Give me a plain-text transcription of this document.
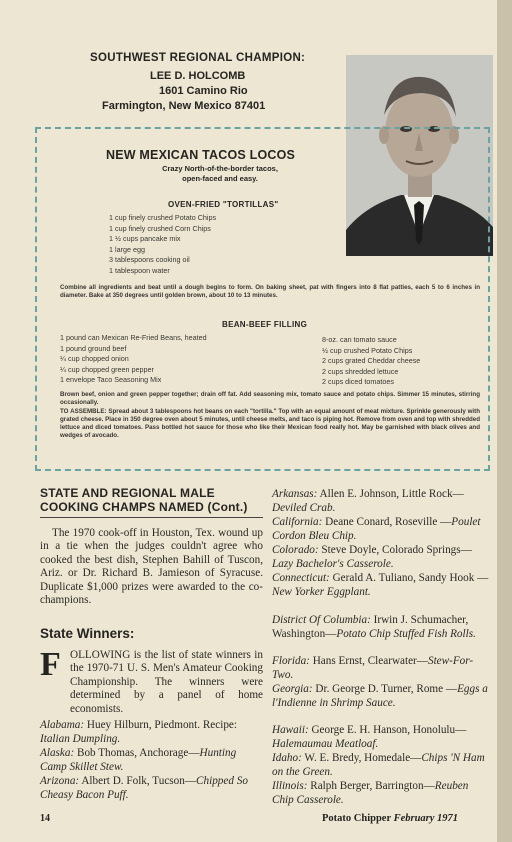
SOUTHWEST REGIONAL CHAMPION:
LEE D. HOLCOMB
1601 Camino Rio
Farmington, New Mexico 87401
NEW MEXICAN TACOS LOCOS
Crazy North-of-the-border tacos,
open-faced and easy.
OVEN-FRIED "TORTILLAS"
1 cup finely crushed Potato Chips
1 cup finely crushed Corn Chips
1 ½ cups pancake mix
1 large egg
3 tablespoons cooking oil
1 tablespoon water
Combine all ingredients and beat until a dough begins to form. On baking sheet, pat with fingers into 8 flat patties, each 5 to 6 inches in diameter. Bake at 350 degrees until golden brown, about 10 to 13 minutes.
BEAN-BEEF FILLING
1 pound can Mexican Re-Fried Beans, heated
1 pound ground beef
¼ cup chopped onion
¼ cup chopped green pepper
1 envelope Taco Seasoning Mix
8-oz. can tomato sauce
½ cup crushed Potato Chips
2 cups grated Cheddar cheese
2 cups shredded lettuce
2 cups diced tomatoes
Brown beef, onion and green pepper together; drain off fat. Add seasoning mix, tomato sauce and potato chips. Simmer 15 minutes, stirring occasionally.
TO ASSEMBLE: Spread about 3 tablespoons hot beans on each "tortilla." Top with an equal amount of meat mixture. Sprinkle generously with grated cheese. Place in 350 degree oven about 5 minutes, until cheese melts, and taco is piping hot. Remove from oven and top with shredded lettuce and diced tomatoes. Pass bottled hot sauce for those who like their Mexican food really hot. May be garnished with black olives and wedges of avocado.
STATE AND REGIONAL MALE
COOKING CHAMPS NAMED (Cont.)
The 1970 cook-off in Houston, Tex. wound up in a tie when the judges couldn't agree who cooked the best dish, Stephen Bahill of Tuscon, Ariz. or Dr. Richard B. Jamieson of Syracuse. Duplicate $1,000 prizes were awarded to the co-champions.
State Winners:
F OLLOWING is the list of state winners in the 1970-71 U. S. Men's Amateur Cooking Championship. The winners were determined by a panel of home economists.
Alabama: Huey Hilburn, Piedmont. Recipe: Italian Dumpling.
Alaska: Bob Thomas, Anchorage—Hunting Camp Skillet Stew.
Arizona: Albert D. Folk, Tucson—Chipped So Cheasy Bacon Puff.
Arkansas: Allen E. Johnson, Little Rock—Deviled Crab.
California: Deane Conard, Roseville —Poulet Cordon Bleu Chip.
Colorado: Steve Doyle, Colorado Springs—Lazy Bachelor's Casserole.
Connecticut: Gerald A. Tuliano, Sandy Hook — New Yorker Eggplant.
District Of Columbia: Irwin J. Schumacher, Washington—Potato Chip Stuffed Fish Rolls.
Florida: Hans Ernst, Clearwater—Stew-For-Two.
Georgia: Dr. George D. Turner, Rome —Eggs a l'Indienne in Shrimp Sauce.
Hawaii: George E. H. Hanson, Honolulu—Halemaumau Meatloaf.
Idaho: W. E. Bredy, Homedale—Chips 'N Ham on the Green.
Illinois: Ralph Berger, Barrington—Reuben Chip Casserole.
14	Potato Chipper February 1971
